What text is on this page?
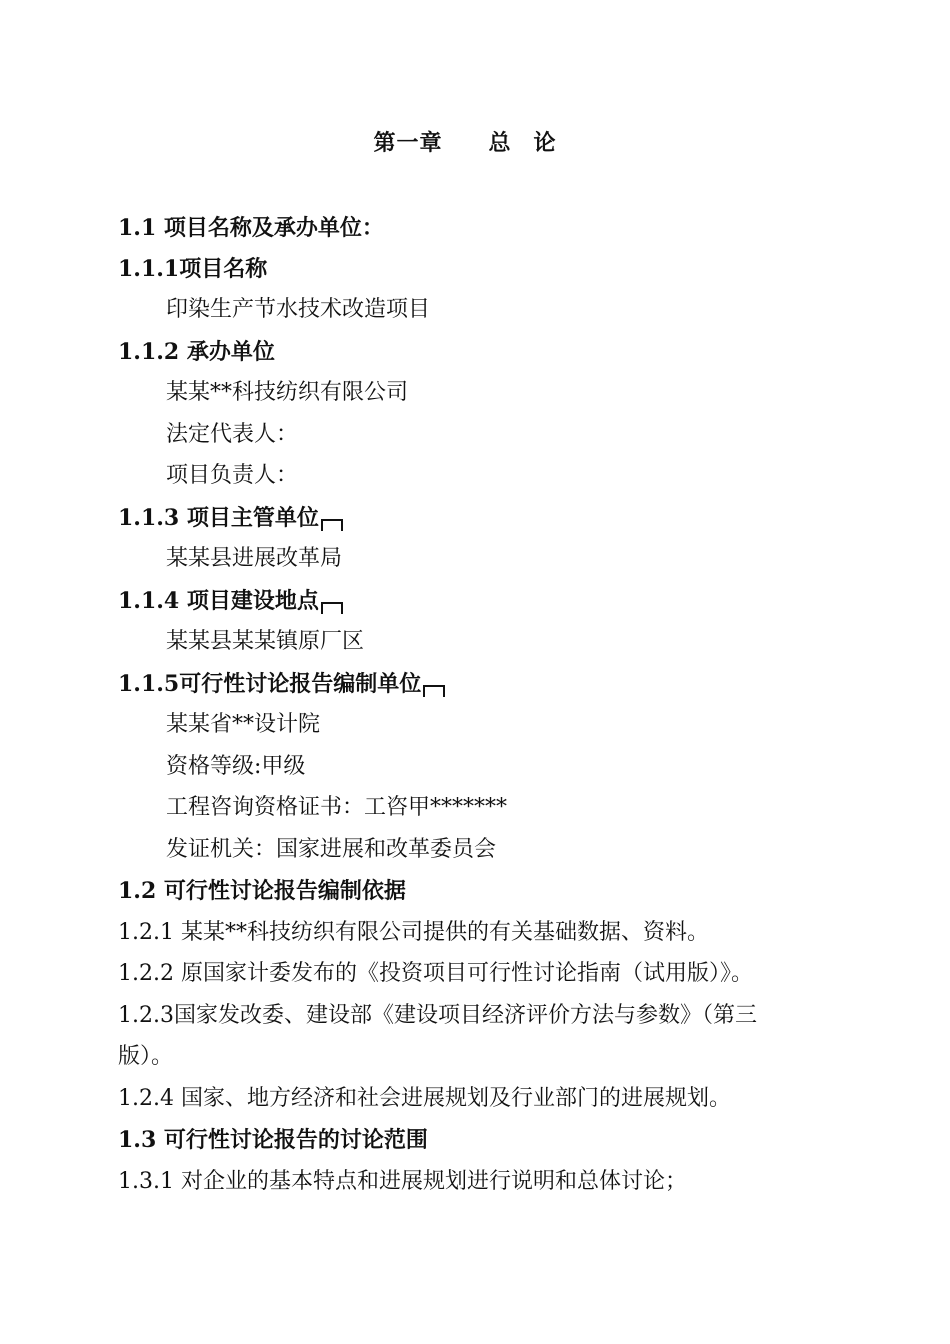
第一章 总 论
1.1 项目名称及承办单位：
1.1.1项目名称
印染生产节水技术改造项目
1.1.2 承办单位
某某**科技纺织有限公司
法定代表人：
项目负责人：
1.1.3 项目主管单位
某某县进展改革局
1.1.4 项目建设地点
某某县某某镇原厂区
1.1.5可行性讨论报告编制单位
某某省**设计院
资格等级:甲级
工程咨询资格证书：工咨甲*******
发证机关：国家进展和改革委员会
1.2 可行性讨论报告编制依据
1.2.1 某某**科技纺织有限公司提供的有关基础数据、资料。
1.2.2 原国家计委发布的《投资项目可行性讨论指南（试用版）》。
1.2.3国家发改委、建设部《建设项目经济评价方法与参数》（第三
版）。
1.2.4 国家、地方经济和社会进展规划及行业部门的进展规划。
1.3 可行性讨论报告的讨论范围
1.3.1 对企业的基本特点和进展规划进行说明和总体讨论；
